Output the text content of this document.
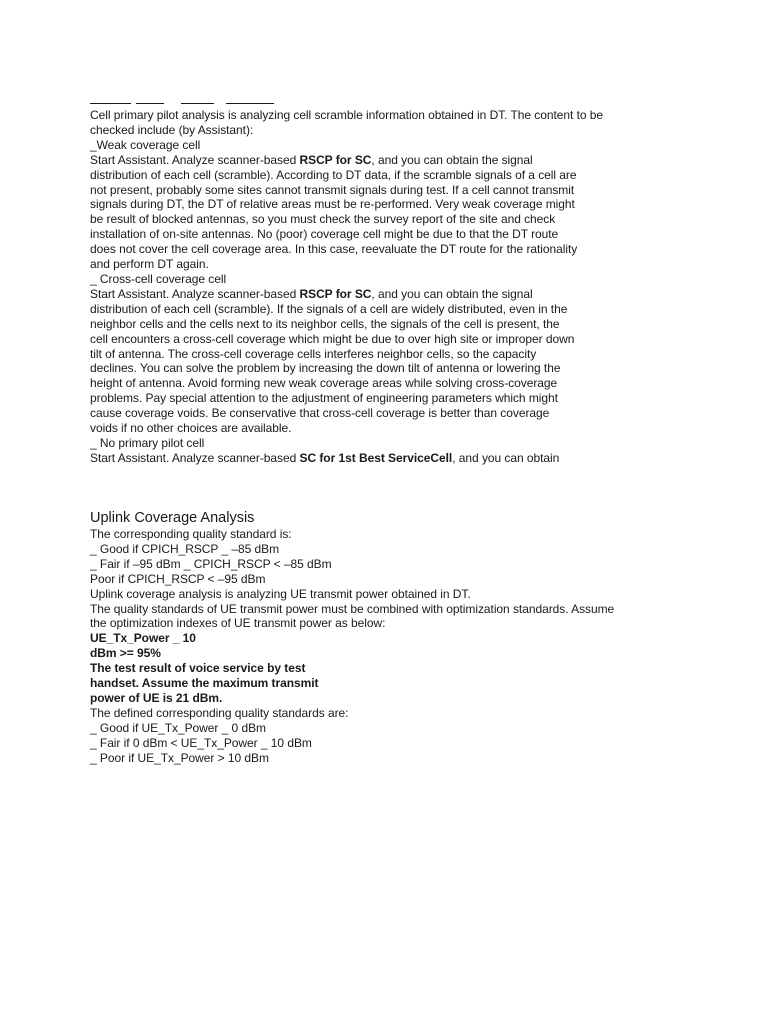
Cell primary pilot analysis is analyzing cell scramble information obtained in DT. The content to be
checked include (by Assistant):
_Weak coverage cell
Start Assistant. Analyze scanner-based RSCP for SC, and you can obtain the signal
distribution of each cell (scramble). According to DT data, if the scramble signals of a cell are
not present, probably some sites cannot transmit signals during test. If a cell cannot transmit
signals during DT, the DT of relative areas must be re-performed. Very weak coverage might
be result of blocked antennas, so you must check the survey report of the site and check
installation of on-site antennas. No (poor) coverage cell might be due to that the DT route
does not cover the cell coverage area. In this case, reevaluate the DT route for the rationality
and perform DT again.
_ Cross-cell coverage cell
Start Assistant. Analyze scanner-based RSCP for SC, and you can obtain the signal
distribution of each cell (scramble). If the signals of a cell are widely distributed, even in the
neighbor cells and the cells next to its neighbor cells, the signals of the cell is present, the
cell encounters a cross-cell coverage which might be due to over high site or improper down
tilt of antenna. The cross-cell coverage cells interferes neighbor cells, so the capacity
declines. You can solve the problem by increasing the down tilt of antenna or lowering the
height of antenna. Avoid forming new weak coverage areas while solving cross-coverage
problems. Pay special attention to the adjustment of engineering parameters which might
cause coverage voids. Be conservative that cross-cell coverage is better than coverage
voids if no other choices are available.
_ No primary pilot cell
Start Assistant. Analyze scanner-based SC for 1st Best ServiceCell, and you can obtain
Uplink Coverage Analysis
The corresponding quality standard is:
_ Good if CPICH_RSCP _ –85 dBm
_ Fair if –95 dBm _ CPICH_RSCP < –85 dBm
Poor if CPICH_RSCP < –95 dBm
Uplink coverage analysis is analyzing UE transmit power obtained in DT.
The quality standards of UE transmit power must be combined with optimization standards. Assume
the optimization indexes of UE transmit power as below:
UE_Tx_Power _ 10
dBm >= 95%
The test result of voice service by test
handset. Assume the maximum transmit
power of UE is 21 dBm.
The defined corresponding quality standards are:
_ Good if UE_Tx_Power _ 0 dBm
_ Fair if 0 dBm < UE_Tx_Power _ 10 dBm
_ Poor if UE_Tx_Power > 10 dBm
